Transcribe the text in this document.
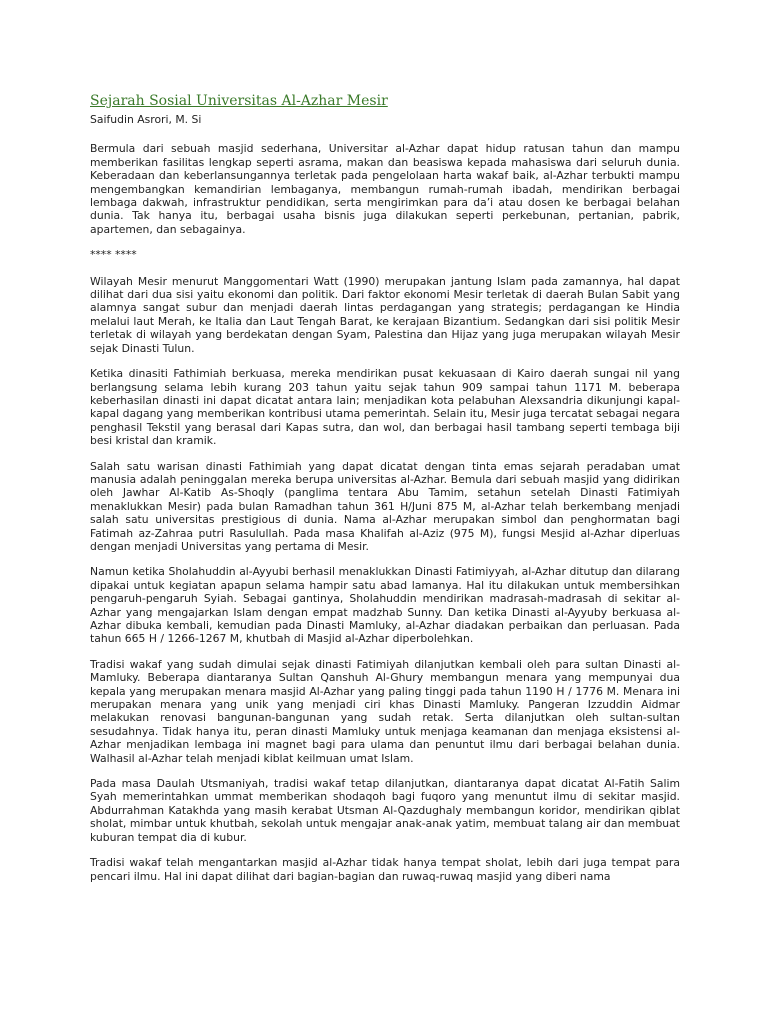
Sejarah Sosial Universitas Al-Azhar Mesir
Saifudin Asrori, M. Si

Bermula dari sebuah masjid sederhana, Universitar al-Azhar dapat hidup ratusan tahun dan mampu memberikan fasilitas lengkap seperti asrama, makan dan beasiswa kepada mahasiswa dari seluruh dunia. Keberadaan dan keberlansungannya terletak pada pengelolaan harta wakaf baik, al-Azhar terbukti mampu mengembangkan kemandirian lembaganya, membangun rumah-rumah ibadah, mendirikan berbagai lembaga dakwah, infrastruktur pendidikan, serta mengirimkan para da’i atau dosen ke berbagai belahan dunia. Tak hanya itu, berbagai usaha bisnis juga dilakukan seperti perkebunan, pertanian, pabrik, apartemen, dan sebagainya.

**** ****

Wilayah Mesir menurut Manggomentari Watt (1990) merupakan jantung Islam pada zamannya, hal dapat dilihat dari dua sisi yaitu ekonomi dan politik. Dari faktor ekonomi Mesir terletak di daerah Bulan Sabit yang alamnya sangat subur dan menjadi daerah lintas perdagangan yang strategis; perdagangan ke Hindia melalui laut Merah, ke Italia dan Laut Tengah Barat, ke kerajaan Bizantium. Sedangkan dari sisi politik Mesir terletak di wilayah yang berdekatan dengan Syam, Palestina dan Hijaz yang juga merupakan wilayah Mesir sejak Dinasti Tulun.

Ketika dinasiti Fathimiah berkuasa, mereka mendirikan pusat kekuasaan di Kairo daerah sungai nil yang berlangsung selama lebih kurang 203 tahun yaitu sejak tahun 909 sampai tahun 1171 M. beberapa keberhasilan dinasti ini dapat dicatat antara lain; menjadikan kota pelabuhan Alexsandria dikunjungi kapal-kapal dagang yang memberikan kontribusi utama pemerintah. Selain itu, Mesir juga tercatat sebagai negara penghasil Tekstil yang berasal dari Kapas sutra, dan wol, dan berbagai hasil tambang seperti tembaga biji besi kristal dan kramik.

Salah satu warisan dinasti Fathimiah yang dapat dicatat dengan tinta emas sejarah peradaban umat manusia adalah peninggalan mereka berupa universitas al-Azhar. Bemula dari sebuah masjid yang didirikan oleh Jawhar Al-Katib As-Shoqly (panglima tentara Abu Tamim, setahun setelah Dinasti Fatimiyah menaklukkan Mesir) pada bulan Ramadhan tahun 361 H/Juni 875 M, al-Azhar telah berkembang menjadi salah satu universitas prestigious di dunia. Nama al-Azhar merupakan simbol dan penghormatan bagi Fatimah az-Zahraa putri Rasulullah. Pada masa Khalifah al-Aziz (975 M), fungsi Mesjid al-Azhar diperluas dengan menjadi Universitas yang pertama di Mesir.

Namun ketika Sholahuddin al-Ayyubi berhasil menaklukkan Dinasti Fatimiyyah, al-Azhar ditutup dan dilarang dipakai untuk kegiatan apapun selama hampir satu abad lamanya. Hal itu dilakukan untuk membersihkan pengaruh-pengaruh Syiah. Sebagai gantinya, Sholahuddin mendirikan madrasah-madrasah di sekitar al-Azhar yang mengajarkan Islam dengan empat madzhab Sunny. Dan ketika Dinasti al-Ayyuby berkuasa al-Azhar dibuka kembali, kemudian pada Dinasti Mamluky, al-Azhar diadakan perbaikan dan perluasan. Pada tahun 665 H / 1266-1267 M, khutbah di Masjid al-Azhar diperbolehkan.

Tradisi wakaf yang sudah dimulai sejak dinasti Fatimiyah dilanjutkan kembali oleh para sultan Dinasti al-Mamluky. Beberapa diantaranya Sultan Qanshuh Al-Ghury membangun menara yang mempunyai dua kepala yang merupakan menara masjid Al-Azhar yang paling tinggi pada tahun 1190 H / 1776 M. Menara ini merupakan menara yang unik yang menjadi ciri khas Dinasti Mamluky. Pangeran Izzuddin Aidmar melakukan renovasi bangunan-bangunan yang sudah retak. Serta dilanjutkan oleh sultan-sultan sesudahnya. Tidak hanya itu, peran dinasti Mamluky untuk menjaga keamanan dan menjaga eksistensi al-Azhar menjadikan lembaga ini magnet bagi para ulama dan penuntut ilmu dari berbagai belahan dunia. Walhasil al-Azhar telah menjadi kiblat keilmuan umat Islam.

Pada masa Daulah Utsmaniyah, tradisi wakaf tetap dilanjutkan, diantaranya dapat dicatat Al-Fatih Salim Syah memerintahkan ummat memberikan shodaqoh bagi fuqoro yang menuntut ilmu di sekitar masjid. Abdurrahman Katakhda yang masih kerabat Utsman Al-Qazdughaly membangun koridor, mendirikan qiblat sholat, mimbar untuk khutbah, sekolah untuk mengajar anak-anak yatim, membuat talang air dan membuat kuburan tempat dia di kubur.

Tradisi wakaf telah mengantarkan masjid al-Azhar tidak hanya tempat sholat, lebih dari juga tempat para pencari ilmu. Hal ini dapat dilihat dari bagian-bagian dan ruwaq-ruwaq masjid yang diberi nama
